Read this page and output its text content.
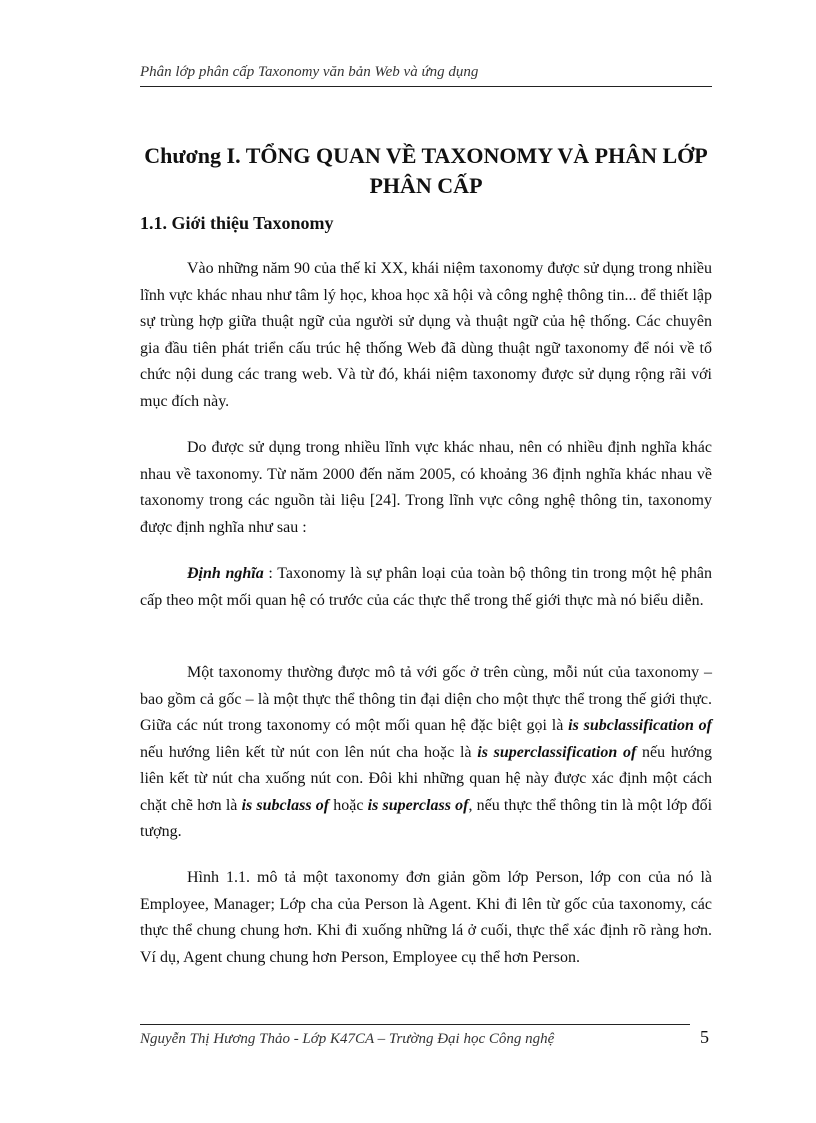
Phân lớp phân cấp Taxonomy văn bản Web và ứng dụng
Chương I. TỔNG QUAN VỀ TAXONOMY VÀ PHÂN LỚP PHÂN CẤP
1.1. Giới thiệu Taxonomy

Vào những năm 90 của thế kỉ XX, khái niệm taxonomy được sử dụng trong nhiều lĩnh vực khác nhau như tâm lý học, khoa học xã hội và công nghệ thông tin... để thiết lập sự trùng hợp giữa thuật ngữ của người sử dụng và thuật ngữ của hệ thống. Các chuyên gia đầu tiên phát triển cấu trúc hệ thống Web đã dùng thuật ngữ taxonomy để nói về tổ chức nội dung các trang web. Và từ đó, khái niệm taxonomy được sử dụng rộng rãi với mục đích này.

Do được sử dụng trong nhiều lĩnh vực khác nhau, nên có nhiều định nghĩa khác nhau về taxonomy. Từ năm 2000 đến năm 2005, có khoảng 36 định nghĩa khác nhau về taxonomy trong các nguồn tài liệu [24]. Trong lĩnh vực công nghệ thông tin, taxonomy được định nghĩa như sau :

Định nghĩa : Taxonomy là sự phân loại của toàn bộ thông tin trong một hệ phân cấp theo một mối quan hệ có trước của các thực thể trong thế giới thực mà nó biểu diễn.

Một taxonomy thường được mô tả với gốc ở trên cùng, mỗi nút của taxonomy – bao gồm cả gốc – là một thực thể thông tin đại diện cho một thực thể trong thế giới thực. Giữa các nút trong taxonomy có một mối quan hệ đặc biệt gọi là is subclassification of nếu hướng liên kết từ nút con lên nút cha hoặc là is superclassification of nếu hướng liên kết từ nút cha xuống nút con. Đôi khi những quan hệ này được xác định một cách chặt chẽ hơn là is subclass of hoặc is superclass of, nếu thực thể thông tin là một lớp đối tượng.

Hình 1.1. mô tả một taxonomy đơn giản gồm lớp Person, lớp con của nó là Employee, Manager; Lớp cha của Person là Agent. Khi đi lên từ gốc của taxonomy, các thực thể chung chung hơn. Khi đi xuống những lá ở cuối, thực thể xác định rõ ràng hơn. Ví dụ, Agent chung chung hơn Person, Employee cụ thể hơn Person.

Nguyễn Thị Hương Thảo - Lớp K47CA – Trường Đại học Công nghệ	5
